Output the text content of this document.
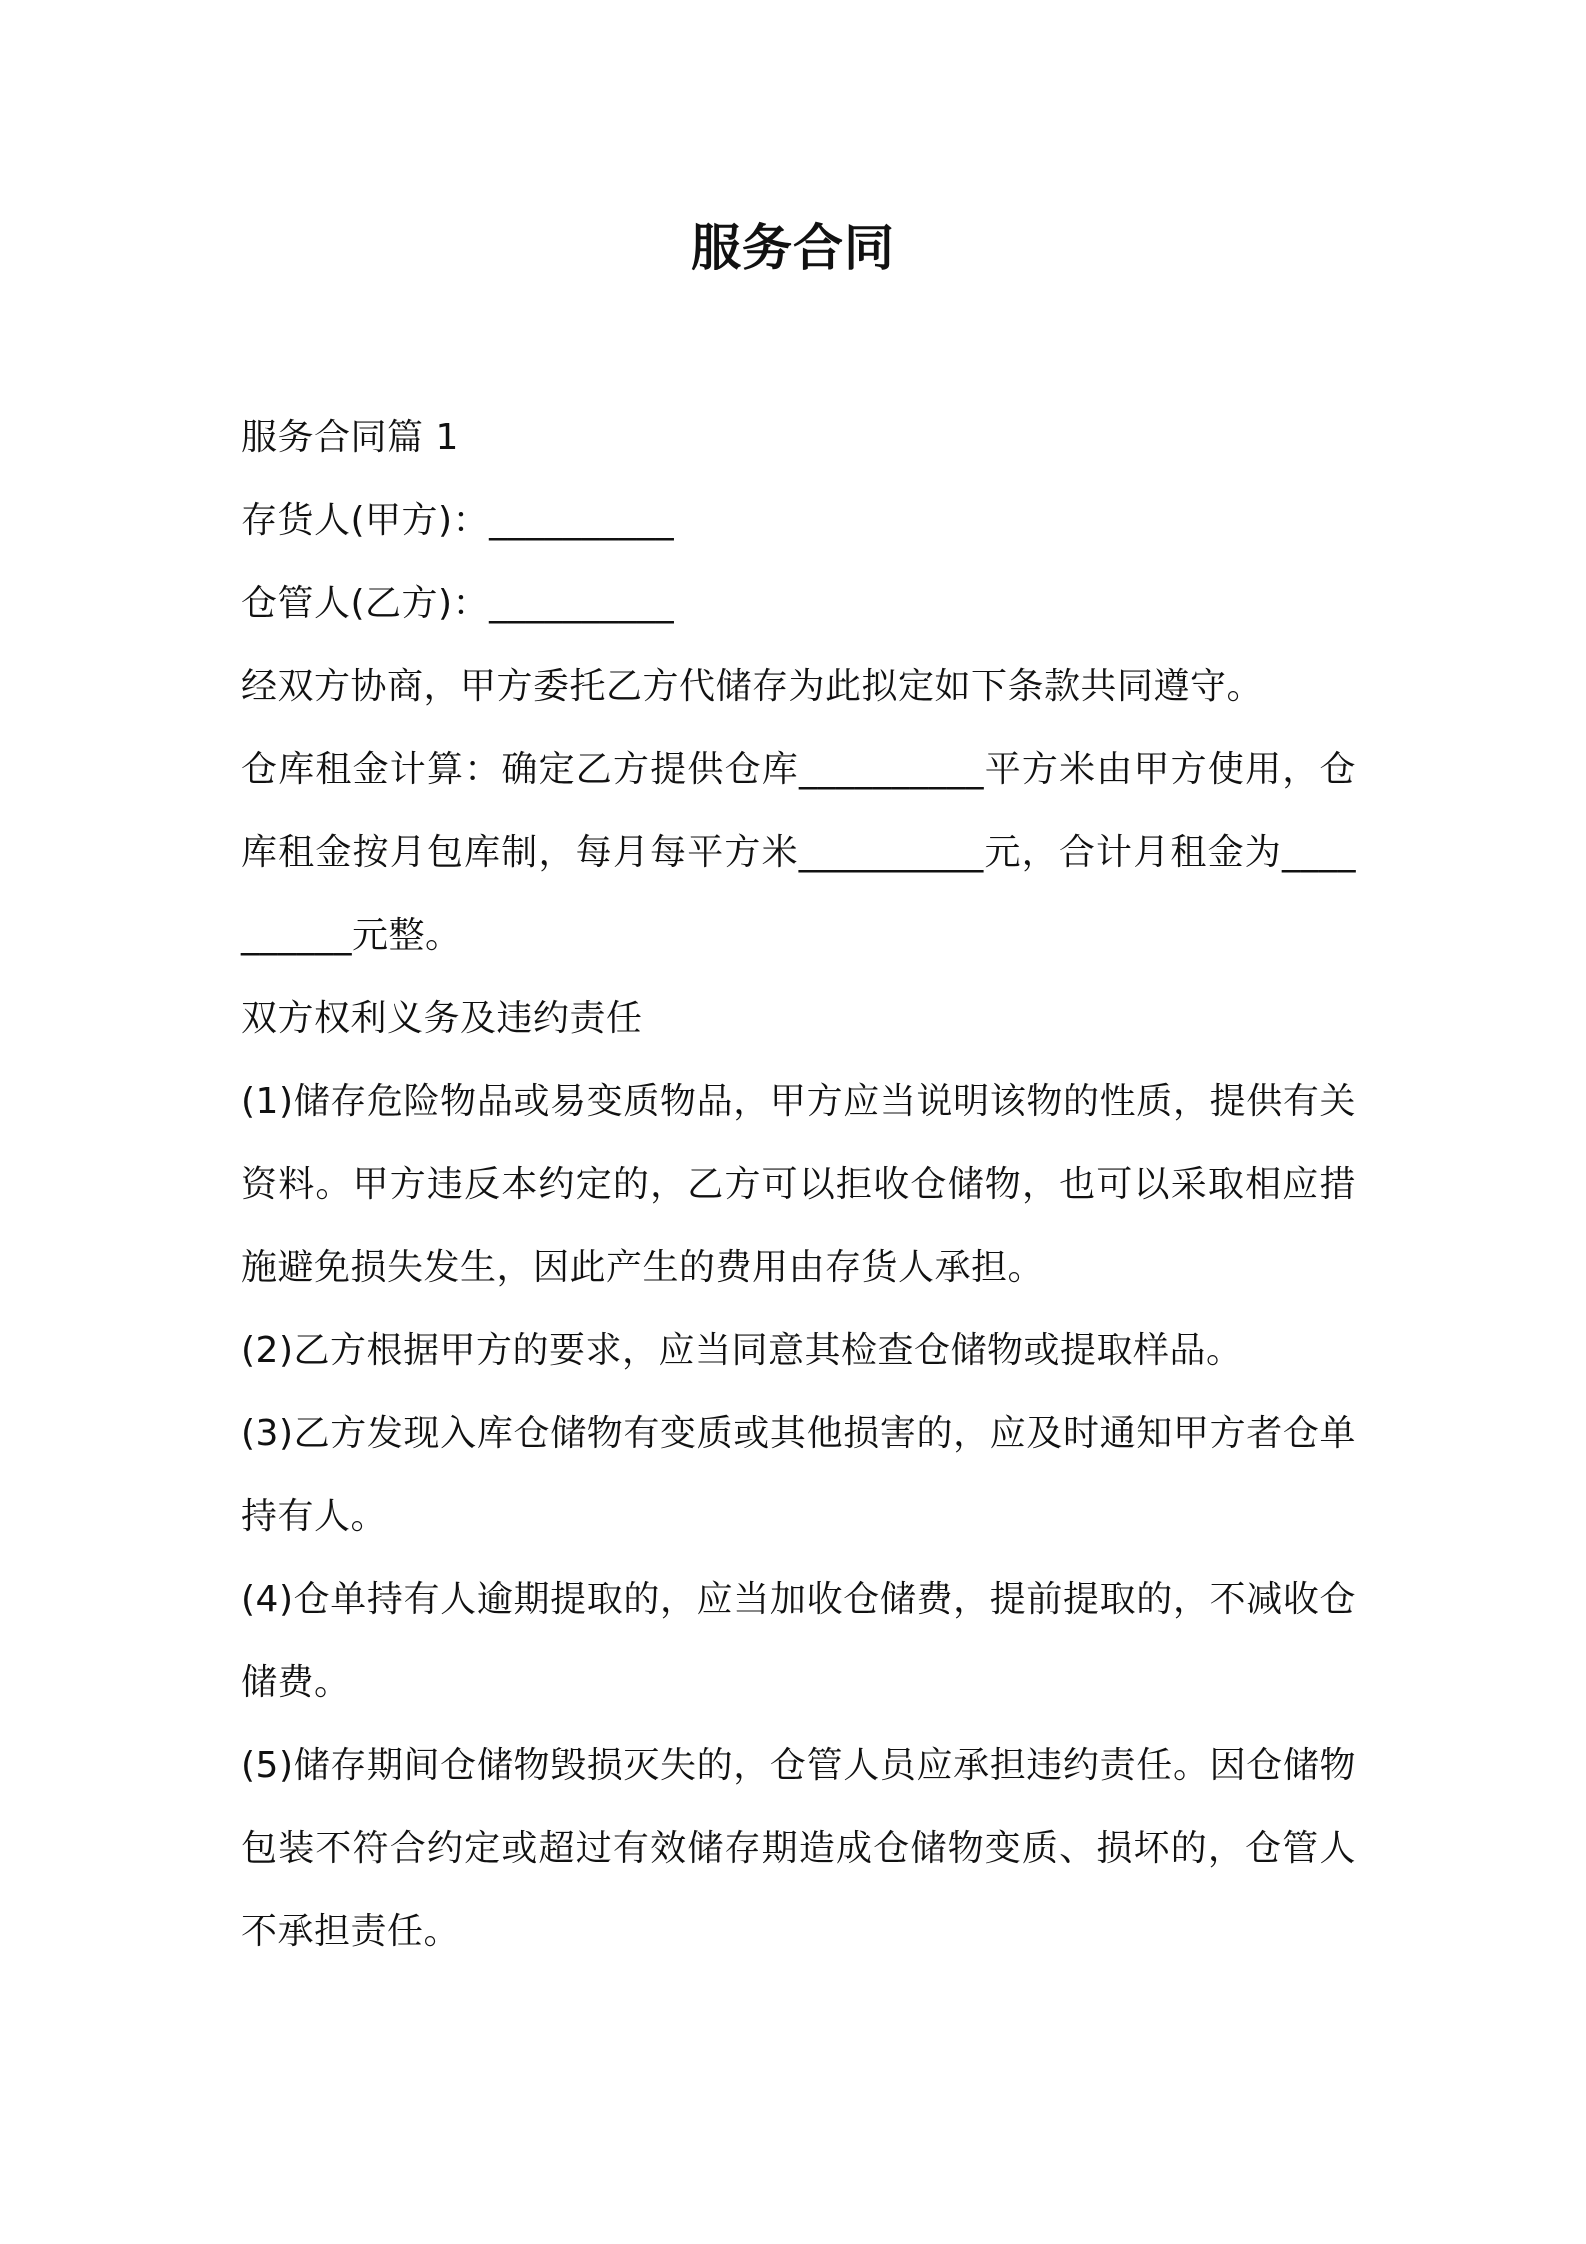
服务合同

服务合同篇 1

存货人(甲方)：__________

仓管人(乙方)：__________

经双方协商，甲方委托乙方代储存为此拟定如下条款共同遵守。

仓库租金计算：确定乙方提供仓库__________平方米由甲方使用，仓库租金按月包库制，每月每平方米__________元，合计月租金为__________元整。

双方权利义务及违约责任

(1)储存危险物品或易变质物品，甲方应当说明该物的性质，提供有关资料。甲方违反本约定的，乙方可以拒收仓储物，也可以采取相应措施避免损失发生，因此产生的费用由存货人承担。

(2)乙方根据甲方的要求，应当同意其检查仓储物或提取样品。

(3)乙方发现入库仓储物有变质或其他损害的，应及时通知甲方者仓单持有人。

(4)仓单持有人逾期提取的，应当加收仓储费，提前提取的，不减收仓储费。

(5)储存期间仓储物毁损灭失的，仓管人员应承担违约责任。因仓储物包装不符合约定或超过有效储存期造成仓储物变质、损坏的，仓管人不承担责任。
